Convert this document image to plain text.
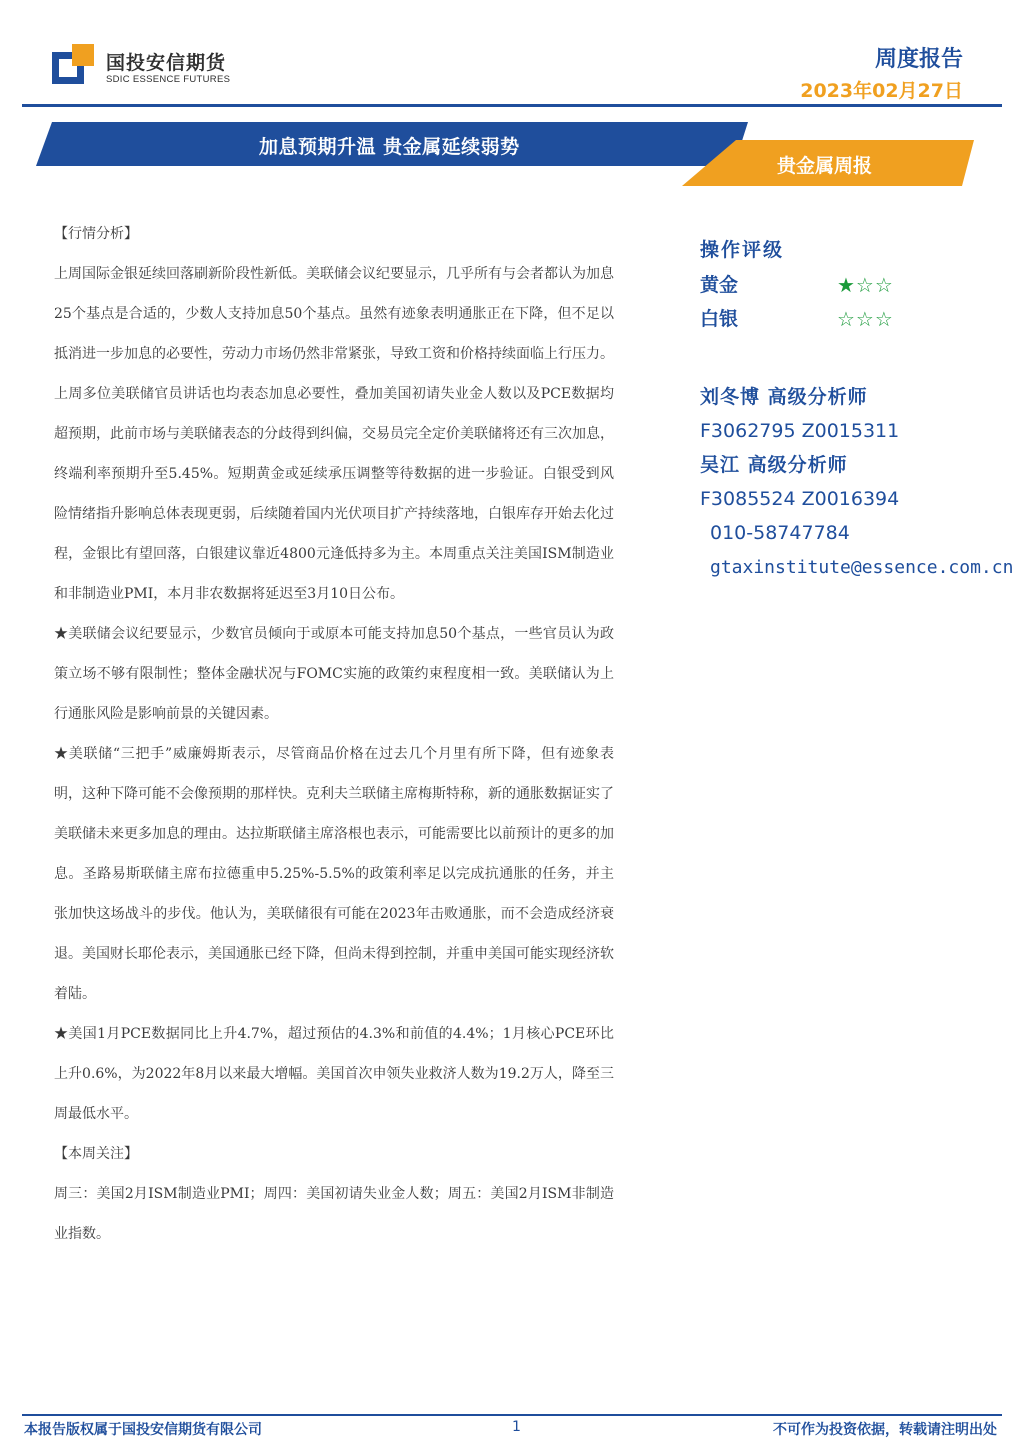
国投安信期货
SDIC ESSENCE FUTURES
周度报告
2023年02月27日
加息预期升温 贵金属延续弱势
贵金属周报

【行情分析】

上周国际金银延续回落刷新阶段性新低。美联储会议纪要显示，几乎所有与会者都认为加息25个基点是合适的，少数人支持加息50个基点。虽然有迹象表明通胀正在下降，但不足以抵消进一步加息的必要性，劳动力市场仍然非常紧张，导致工资和价格持续面临上行压力。上周多位美联储官员讲话也均表态加息必要性，叠加美国初请失业金人数以及PCE数据均超预期，此前市场与美联储表态的分歧得到纠偏，交易员完全定价美联储将还有三次加息，终端利率预期升至5.45%。短期黄金或延续承压调整等待数据的进一步验证。白银受到风险情绪指升影响总体表现更弱，后续随着国内光伏项目扩产持续落地，白银库存开始去化过程，金银比有望回落，白银建议靠近4800元逢低持多为主。本周重点关注美国ISM制造业和非制造业PMI，本月非农数据将延迟至3月10日公布。

★美联储会议纪要显示，少数官员倾向于或原本可能支持加息50个基点，一些官员认为政策立场不够有限制性；整体金融状况与FOMC实施的政策约束程度相一致。美联储认为上行通胀风险是影响前景的关键因素。

★美联储“三把手”威廉姆斯表示，尽管商品价格在过去几个月里有所下降，但有迹象表明，这种下降可能不会像预期的那样快。克利夫兰联储主席梅斯特称，新的通胀数据证实了美联储未来更多加息的理由。达拉斯联储主席洛根也表示，可能需要比以前预计的更多的加息。圣路易斯联储主席布拉德重申5.25%-5.5%的政策利率足以完成抗通胀的任务，并主张加快这场战斗的步伐。他认为，美联储很有可能在2023年击败通胀，而不会造成经济衰退。美国财长耶伦表示，美国通胀已经下降，但尚未得到控制，并重申美国可能实现经济软着陆。

★美国1月PCE数据同比上升4.7%，超过预估的4.3%和前值的4.4%；1月核心PCE环比上升0.6%，为2022年8月以来最大增幅。美国首次申领失业救济人数为19.2万人，降至三周最低水平。

【本周关注】

周三：美国2月ISM制造业PMI；周四：美国初请失业金人数；周五：美国2月ISM非制造业指数。

操作评级
黄金	★☆☆
白银	☆☆☆
刘冬博 高级分析师
F3062795 Z0015311
吴江 高级分析师
F3085524 Z0016394
010-58747784
gtaxinstitute@essence.com.cn
本报告版权属于国投安信期货有限公司	1	不可作为投资依据，转载请注明出处
